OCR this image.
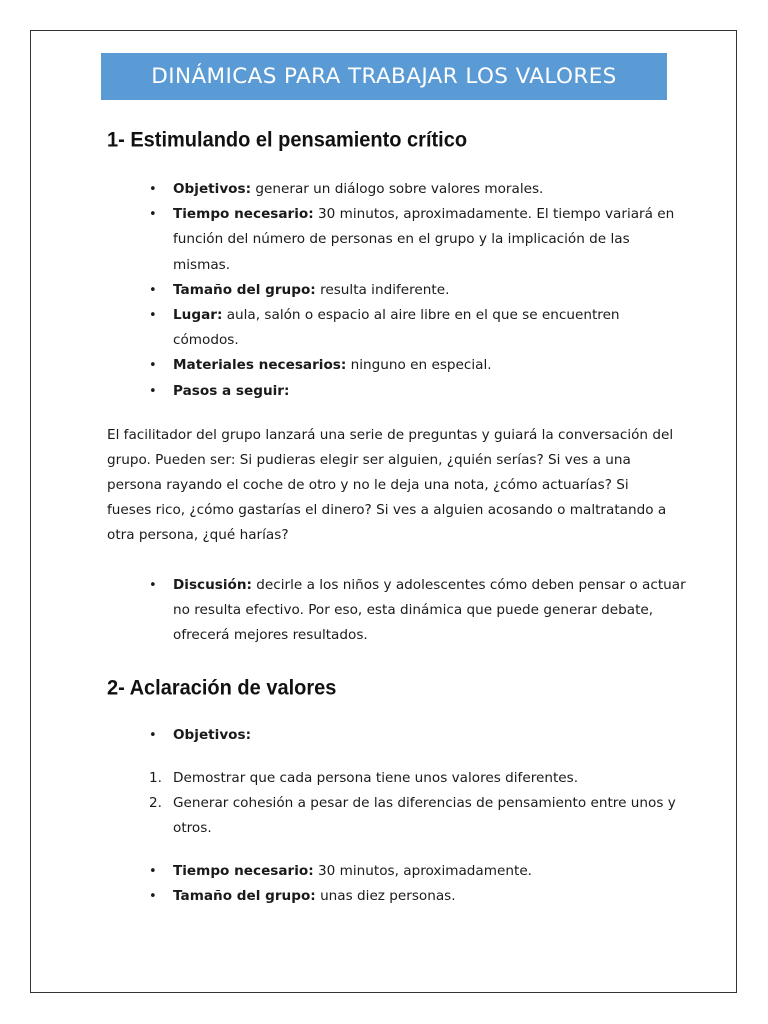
DINÁMICAS PARA TRABAJAR LOS VALORES
1- Estimulando el pensamiento crítico
•	Objetivos: generar un diálogo sobre valores morales.
•	Tiempo necesario: 30 minutos, aproximadamente. El tiempo variará en función del número de personas en el grupo y la implicación de las mismas.
•	Tamaño del grupo: resulta indiferente.
•	Lugar: aula, salón o espacio al aire libre en el que se encuentren cómodos.
•	Materiales necesarios: ninguno en especial.
•	Pasos a seguir:

El facilitador del grupo lanzará una serie de preguntas y guiará la conversación del grupo. Pueden ser: Si pudieras elegir ser alguien, ¿quién serías? Si ves a una persona rayando el coche de otro y no le deja una nota, ¿cómo actuarías? Si fueses rico, ¿cómo gastarías el dinero? Si ves a alguien acosando o maltratando a otra persona, ¿qué harías?

•	Discusión: decirle a los niños y adolescentes cómo deben pensar o actuar no resulta efectivo. Por eso, esta dinámica que puede generar debate, ofrecerá mejores resultados.
2- Aclaración de valores
•	Objetivos:
1. Demostrar que cada persona tiene unos valores diferentes.
2. Generar cohesión a pesar de las diferencias de pensamiento entre unos y otros.
•	Tiempo necesario: 30 minutos, aproximadamente.
•	Tamaño del grupo: unas diez personas.
